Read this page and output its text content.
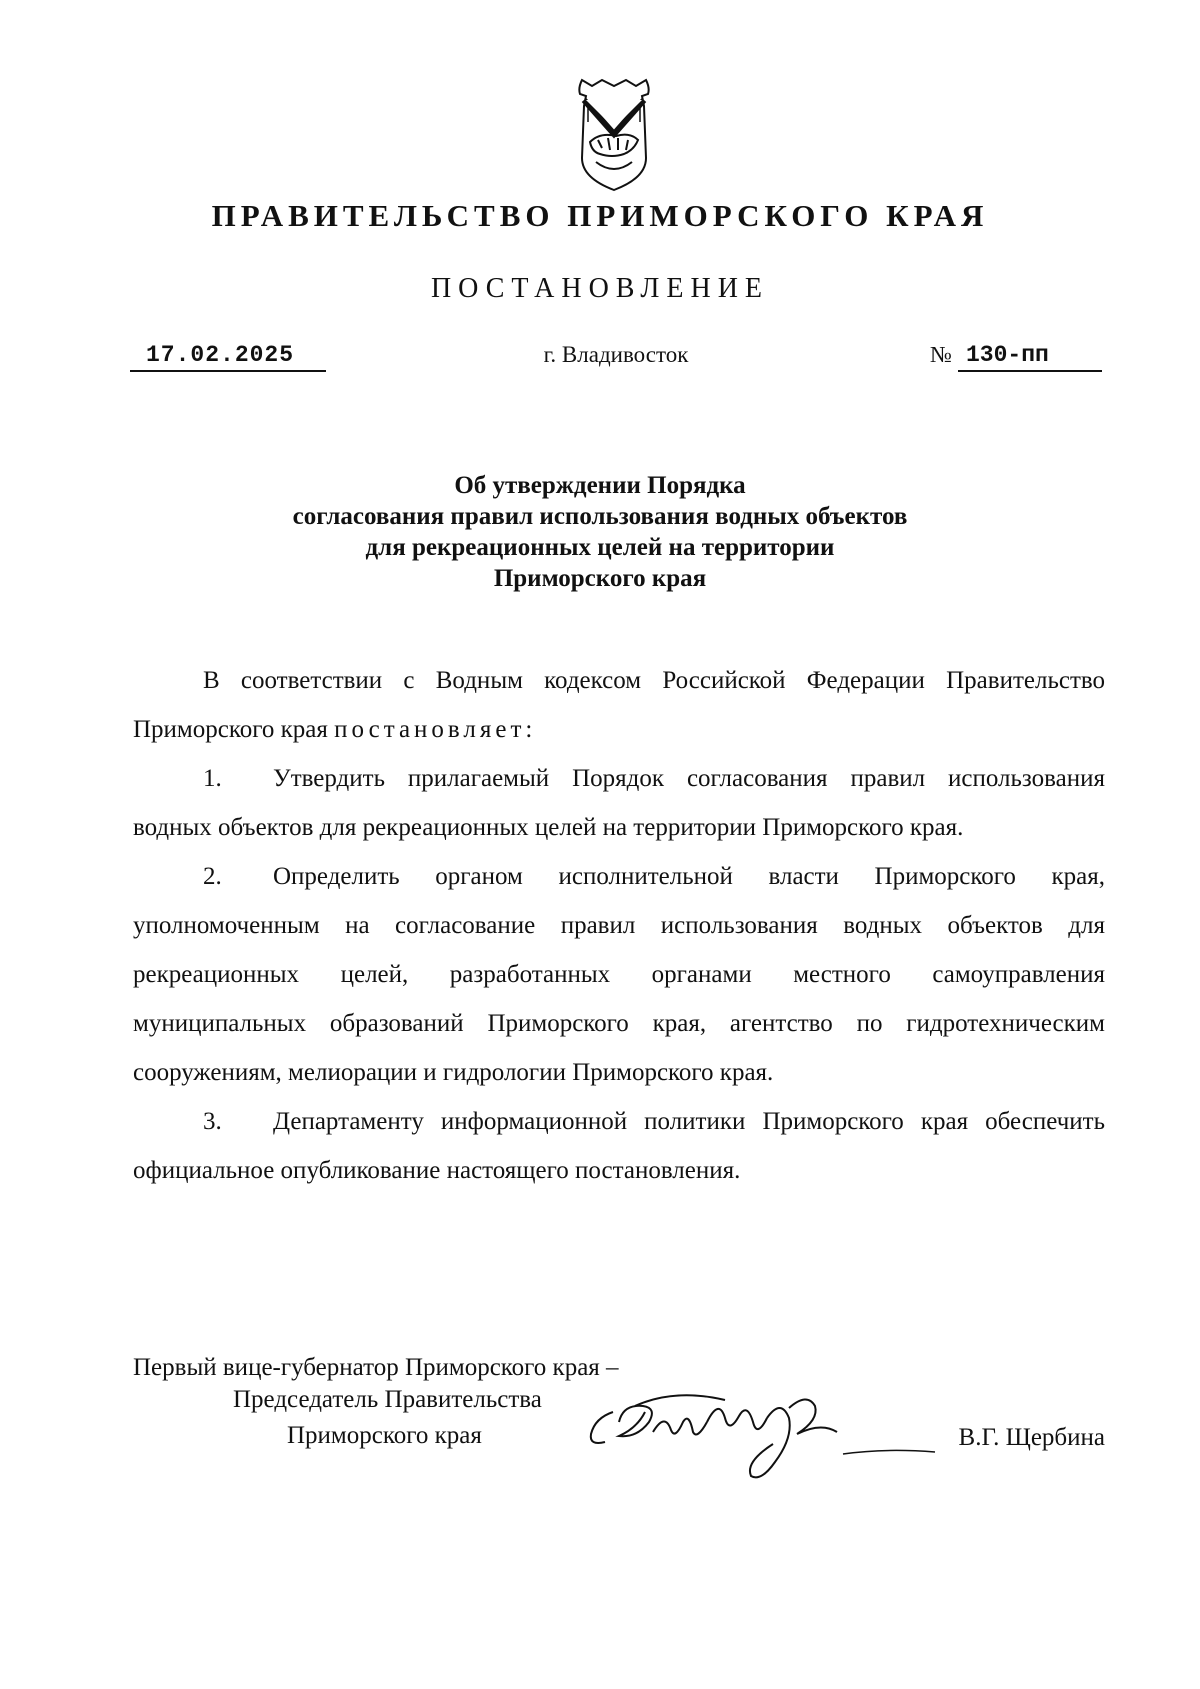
ПРАВИТЕЛЬСТВО ПРИМОРСКОГО КРАЯ
ПОСТАНОВЛЕНИЕ
17.02.2025	г. Владивосток	№ 130-пп
Об утверждении Порядка
согласования правил использования водных объектов
для рекреационных целей на территории
Приморского края

В соответствии с Водным кодексом Российской Федерации Правительство Приморского края постановляет:

1. Утвердить прилагаемый Порядок согласования правил использования водных объектов для рекреационных целей на территории Приморского края.

2. Определить органом исполнительной власти Приморского края, уполномоченным на согласование правил использования водных объектов для рекреационных целей, разработанных органами местного самоуправления муниципальных образований Приморского края, агентство по гидротехническим сооружениям, мелиорации и гидрологии Приморского края.

3. Департаменту информационной политики Приморского края обеспечить официальное опубликование настоящего постановления.

Первый вице-губернатор Приморского края –
Председатель Правительства
Приморского края	В.Г. Щербина
